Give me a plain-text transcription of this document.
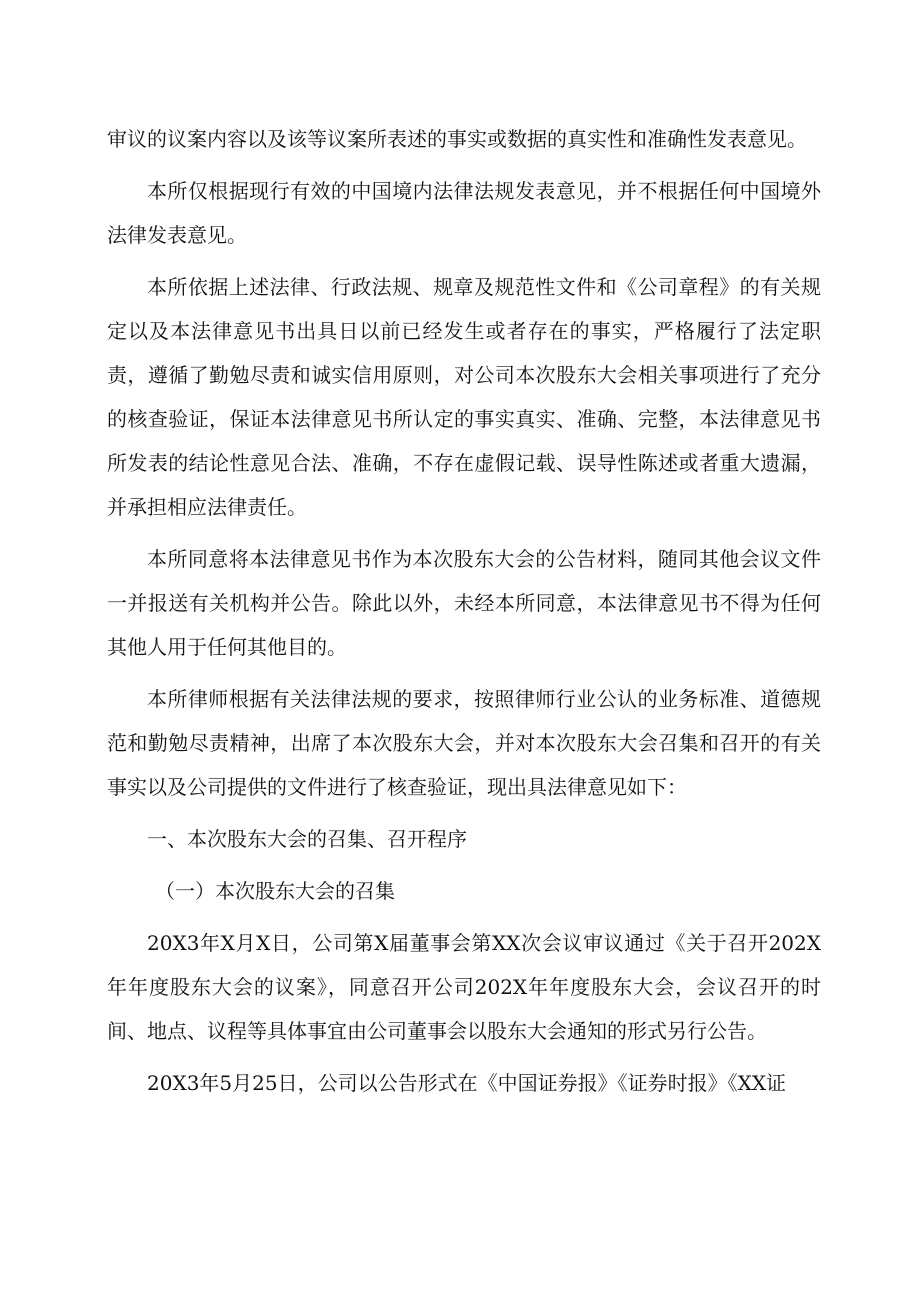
审议的议案内容以及该等议案所表述的事实或数据的真实性和准确性发表意见。

本所仅根据现行有效的中国境内法律法规发表意见，并不根据任何中国境外法律发表意见。

本所依据上述法律、行政法规、规章及规范性文件和《公司章程》的有关规定以及本法律意见书出具日以前已经发生或者存在的事实，严格履行了法定职责，遵循了勤勉尽责和诚实信用原则，对公司本次股东大会相关事项进行了充分的核查验证，保证本法律意见书所认定的事实真实、准确、完整，本法律意见书所发表的结论性意见合法、准确，不存在虚假记载、误导性陈述或者重大遗漏，并承担相应法律责任。

本所同意将本法律意见书作为本次股东大会的公告材料，随同其他会议文件一并报送有关机构并公告。除此以外，未经本所同意，本法律意见书不得为任何其他人用于任何其他目的。

本所律师根据有关法律法规的要求，按照律师行业公认的业务标准、道德规范和勤勉尽责精神，出席了本次股东大会，并对本次股东大会召集和召开的有关事实以及公司提供的文件进行了核查验证，现出具法律意见如下：

一、本次股东大会的召集、召开程序

（一）本次股东大会的召集

20X3年X月X日，公司第X届董事会第XX次会议审议通过《关于召开202X年年度股东大会的议案》，同意召开公司202X年年度股东大会，会议召开的时间、地点、议程等具体事宜由公司董事会以股东大会通知的形式另行公告。

20X3年5月25日，公司以公告形式在《中国证券报》《证券时报》《XX证
